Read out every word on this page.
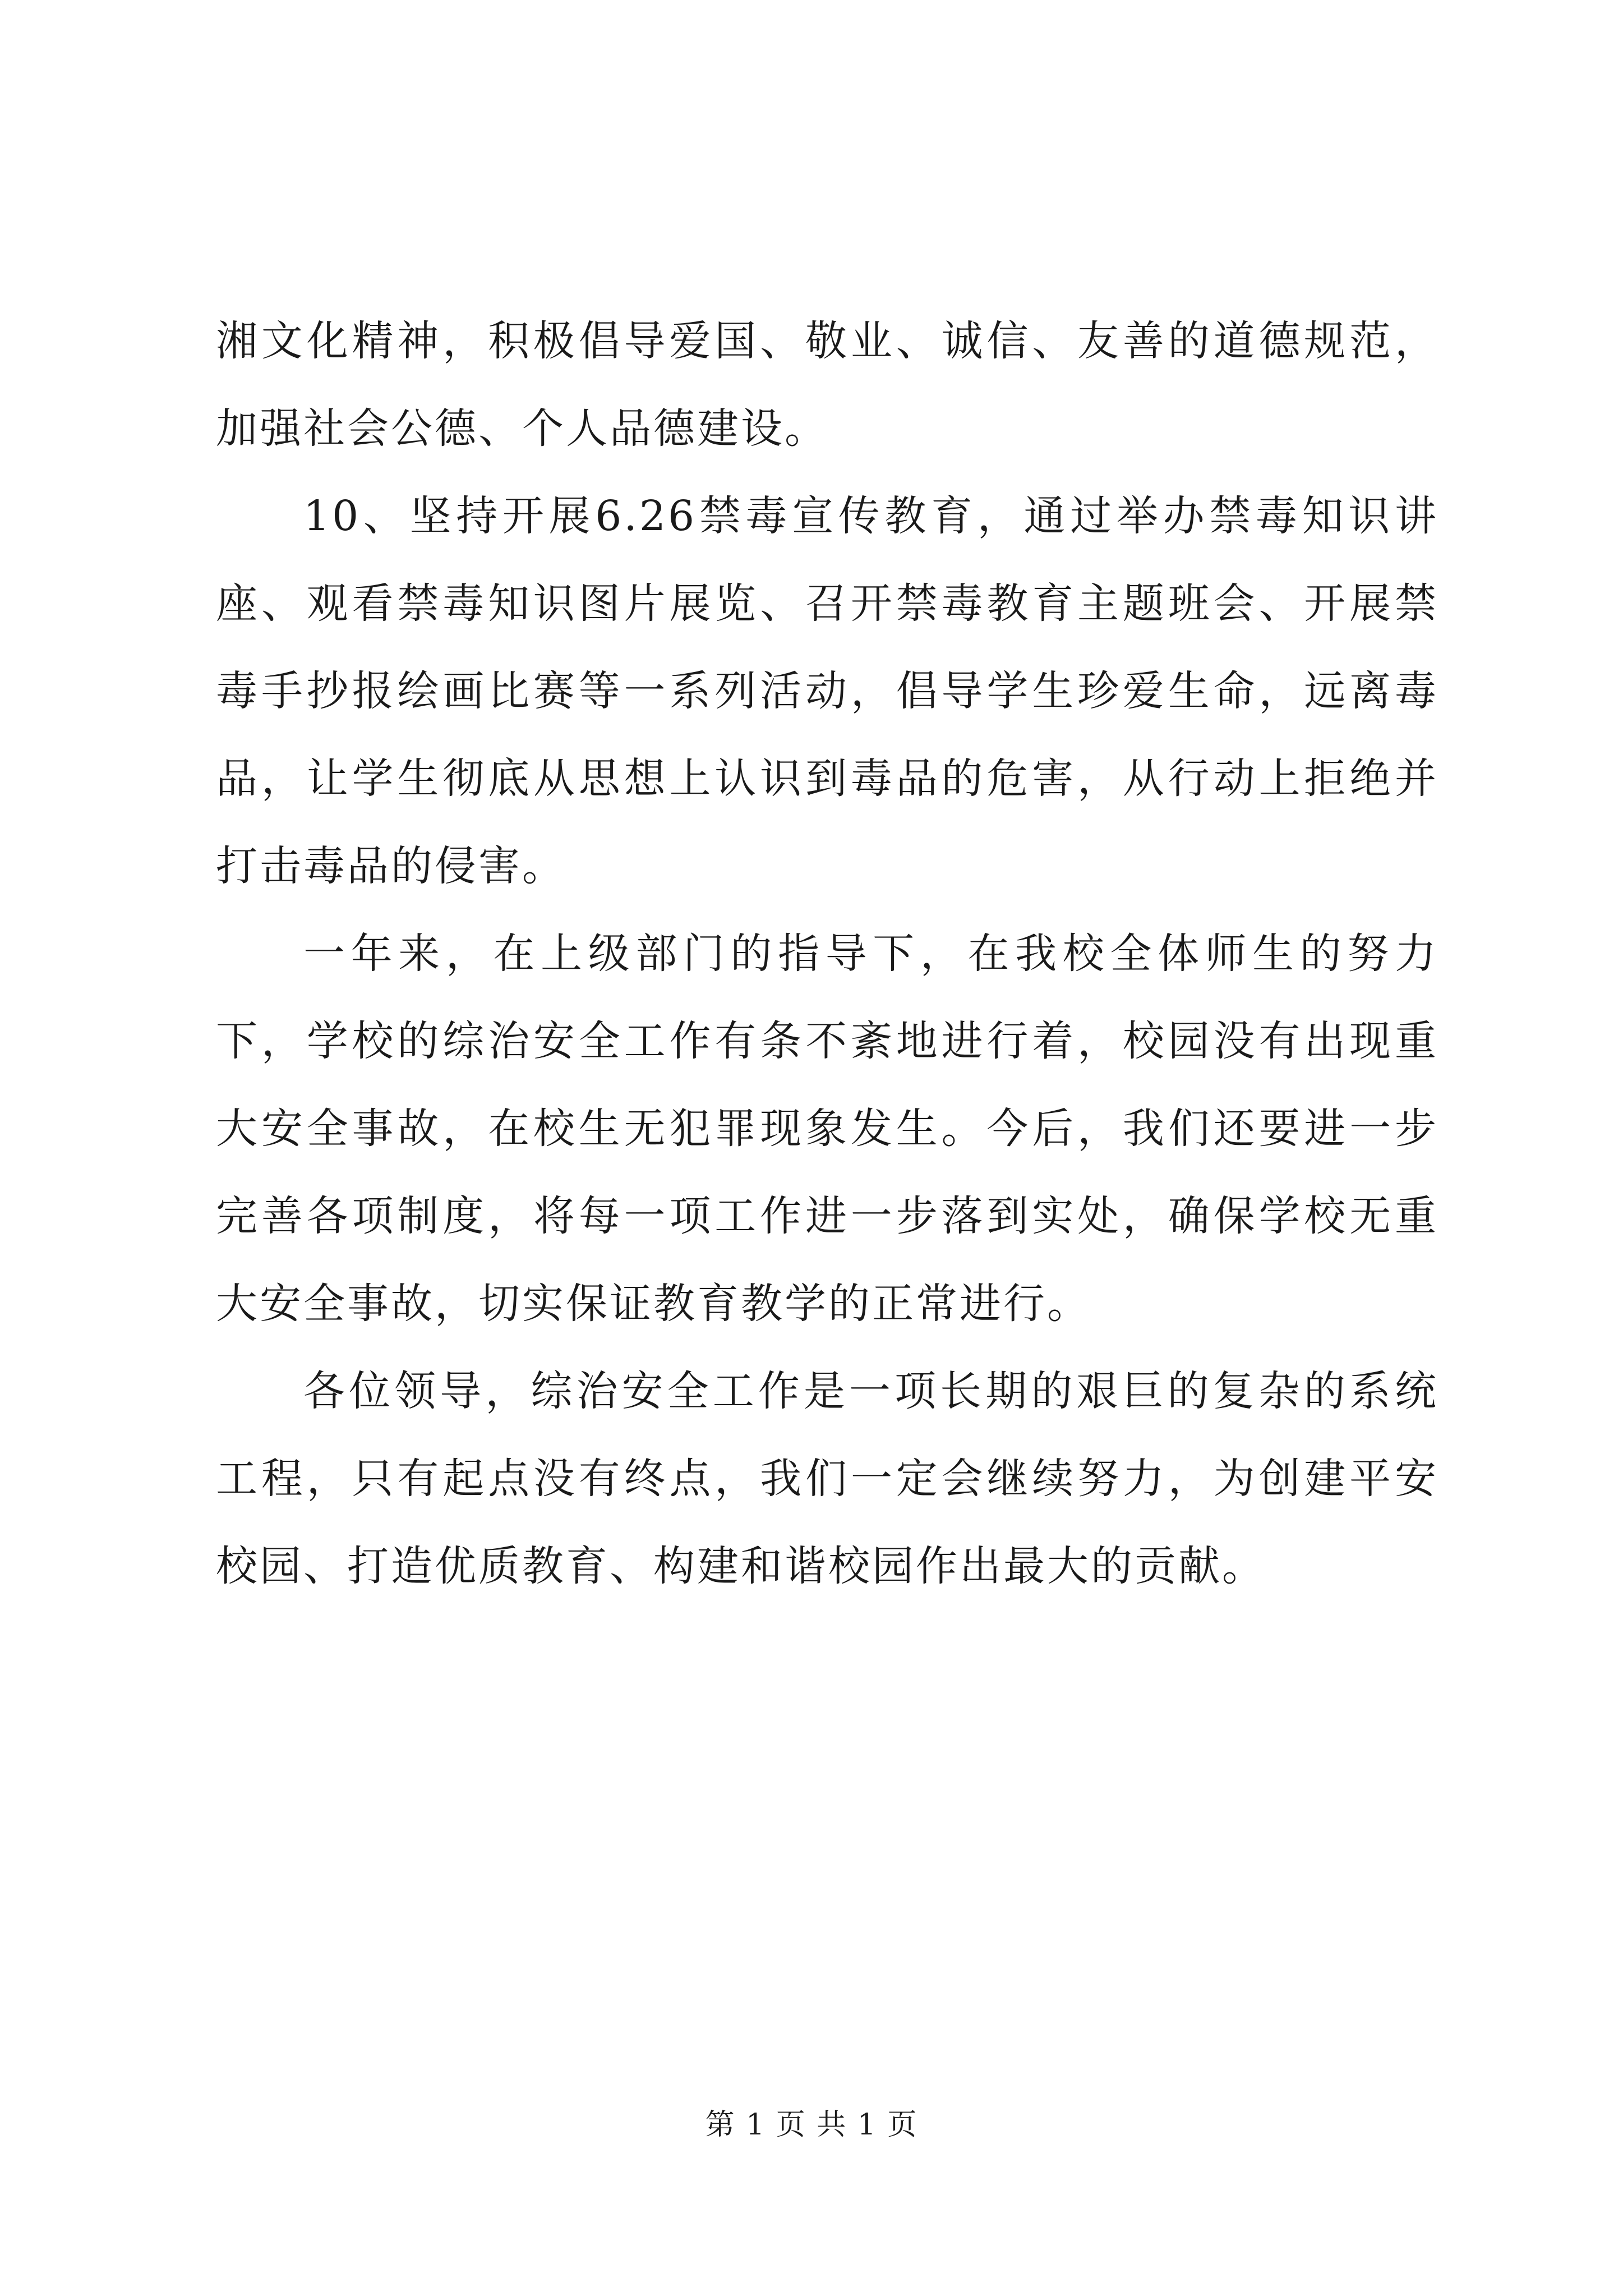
湘文化精神，积极倡导爱国、敬业、诚信、友善的道德规范，加强社会公德、个人品德建设。

10、坚持开展6.26禁毒宣传教育，通过举办禁毒知识讲座、观看禁毒知识图片展览、召开禁毒教育主题班会、开展禁毒手抄报绘画比赛等一系列活动，倡导学生珍爱生命，远离毒品，让学生彻底从思想上认识到毒品的危害，从行动上拒绝并打击毒品的侵害。

一年来，在上级部门的指导下，在我校全体师生的努力下，学校的综治安全工作有条不紊地进行着，校园没有出现重大安全事故，在校生无犯罪现象发生。今后，我们还要进一步完善各项制度，将每一项工作进一步落到实处，确保学校无重大安全事故，切实保证教育教学的正常进行。

各位领导，综治安全工作是一项长期的艰巨的复杂的系统工程，只有起点没有终点，我们一定会继续努力，为创建平安校园、打造优质教育、构建和谐校园作出最大的贡献。

第 1 页 共 1 页
